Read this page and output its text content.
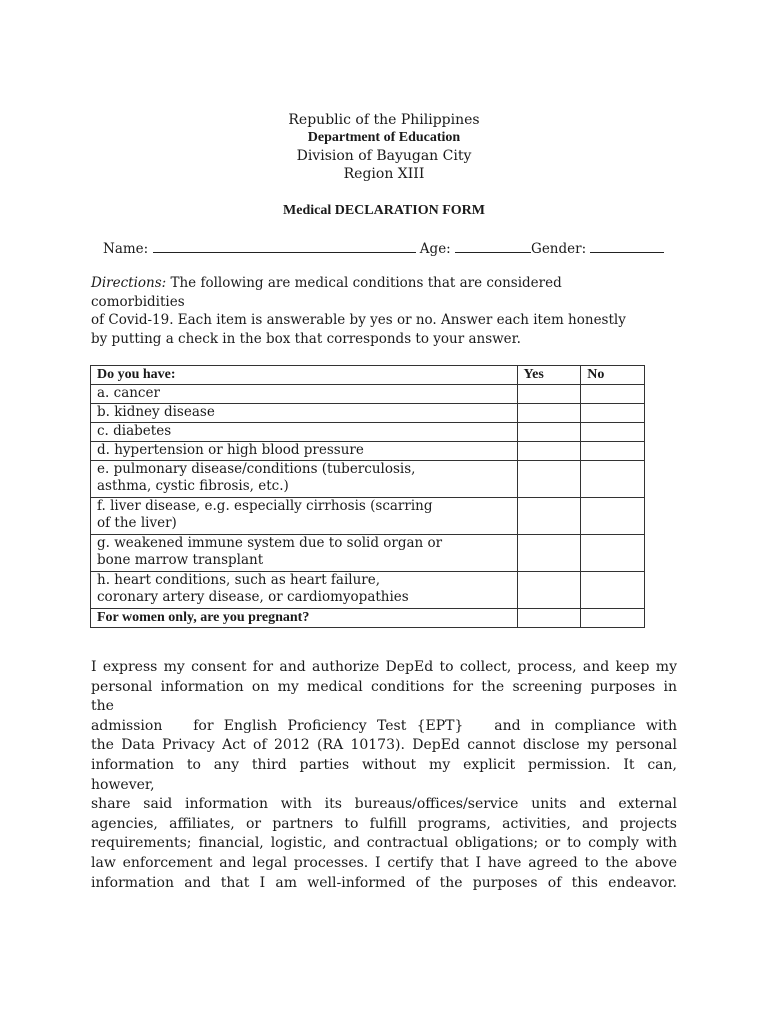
Republic of the Philippines
Department of Education
Division of Bayugan City
Region XIII
Medical DECLARATION FORM
Name:	Age:	Gender:
Directions: The following are medical conditions that are considered
comorbidities
of Covid-19. Each item is answerable by yes or no. Answer each item honestly
by putting a check in the box that corresponds to your answer.
Do you have:	Yes	No
a. cancer		
b. kidney disease		
c. diabetes		
d. hypertension or high blood pressure		

e. pulmonary disease/conditions (tuberculosis,
asthma, cystic fibrosis, etc.)		

f. liver disease, e.g. especially cirrhosis (scarring
of the liver)		

g. weakened immune system due to solid organ or
bone marrow transplant		

h. heart conditions, such as heart failure,
coronary artery disease, or cardiomyopathies		

For women only, are you pregnant?		
I express my consent for and authorize DepEd to collect, process, and keep my
personal information on my medical conditions for the screening purposes in
the
admission   for English Proficiency Test {EPT}   and in compliance with
the Data Privacy Act of 2012 (RA 10173). DepEd cannot disclose my personal
information to any third parties without my explicit permission. It can,
however,
share said information with its bureaus/offices/service units and external
agencies, affiliates, or partners to fulfill programs, activities, and projects
requirements; financial, logistic, and contractual obligations; or to comply with
law enforcement and legal processes. I certify that I have agreed to the above
information and that I am well-informed of the purposes of this endeavor.
